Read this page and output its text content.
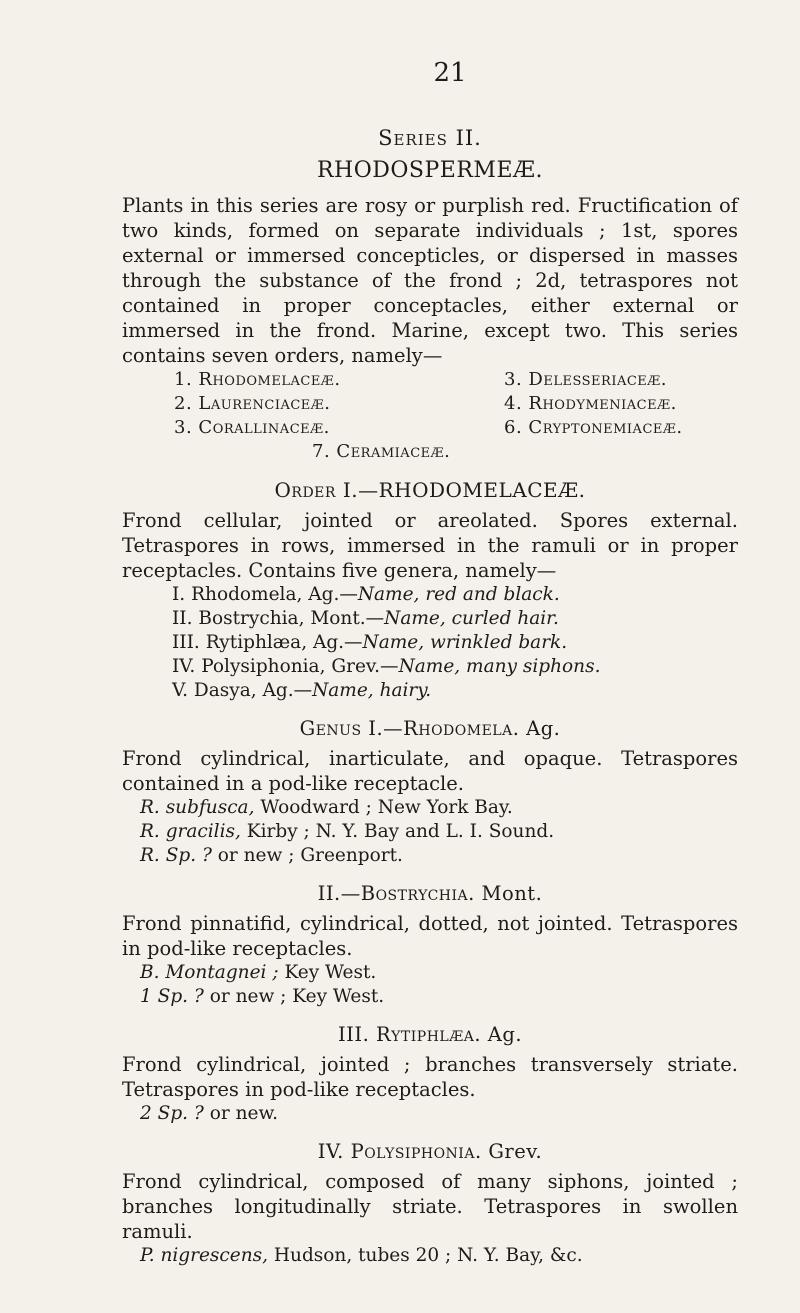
21
Series II.
RHODOSPERMEÆ.

Plants in this series are rosy or purplish red. Fructification of two kinds, formed on separate individuals ; 1st, spores external or immersed concepticles, or dispersed in masses through the substance of the frond ; 2d, tetraspores not contained in proper conceptacles, either external or immersed in the frond. Marine, except two. This series contains seven orders, namely—

1. Rhodomelaceæ.	3. Delesseriaceæ.
2. Laurenciaceæ.	4. Rhodymeniaceæ.
3. Corallinaceæ.	6. Cryptonemiaceæ.
7. Ceramiaceæ.
Order I.—RHODOMELACEÆ.

Frond cellular, jointed or areolated. Spores external. Tetraspores in rows, immersed in the ramuli or in proper receptacles. Contains five genera, namely—

I. Rhodomela, Ag.—Name, red and black.
II. Bostrychia, Mont.—Name, curled hair.
III. Rytiphlæa, Ag.—Name, wrinkled bark.
IV. Polysiphonia, Grev.—Name, many siphons.
V. Dasya, Ag.—Name, hairy.
Genus I.—Rhodomela. Ag.

Frond cylindrical, inarticulate, and opaque. Tetraspores contained in a pod-like receptacle.

R. subfusca, Woodward ; New York Bay.
R. gracilis, Kirby ; N. Y. Bay and L. I. Sound.
R. Sp. ? or new ; Greenport.
II.—Bostrychia. Mont.

Frond pinnatifid, cylindrical, dotted, not jointed. Tetraspores in pod-like receptacles.

B. Montagnei ; Key West.
1 Sp. ? or new ; Key West.
III. Rytiphlæa. Ag.

Frond cylindrical, jointed ; branches transversely striate. Tetraspores in pod-like receptacles.

2 Sp. ? or new.
IV. Polysiphonia. Grev.

Frond cylindrical, composed of many siphons, jointed ; branches longitudinally striate. Tetraspores in swollen ramuli.

P. nigrescens, Hudson, tubes 20 ; N. Y. Bay, &c.
